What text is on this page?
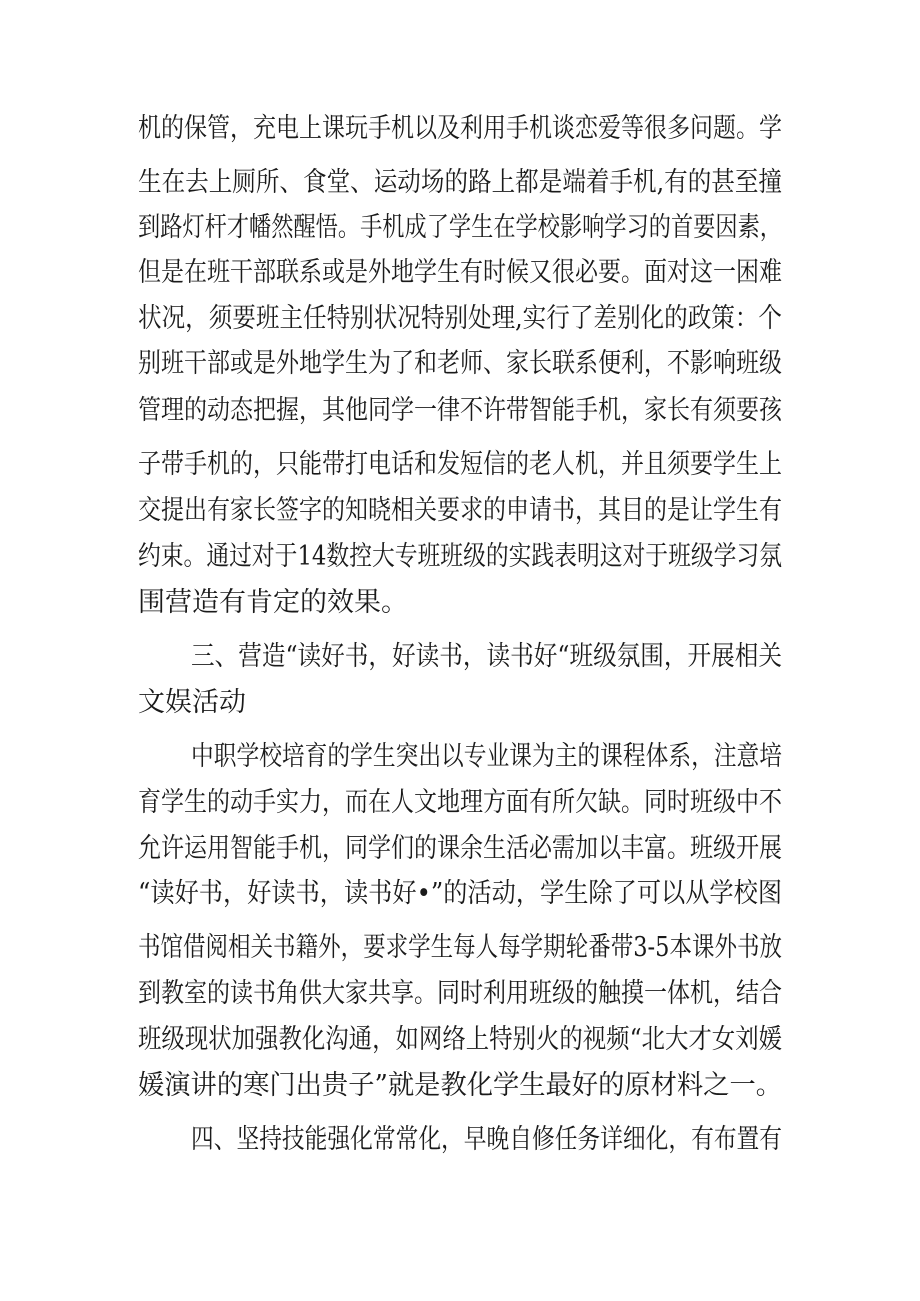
机的保管，充电上课玩手机以及利用手机谈恋爱等很多问题。学
生在去上厕所、食堂、运动场的路上都是端着手机,有的甚至撞
到路灯杆才幡然醒悟。手机成了学生在学校影响学习的首要因素，
但是在班干部联系或是外地学生有时候又很必要。面对这一困难
状况，须要班主任特别状况特别处理,实行了差别化的政策：个
别班干部或是外地学生为了和老师、家长联系便利，不影响班级
管理的动态把握，其他同学一律不许带智能手机，家长有须要孩
子带手机的，只能带打电话和发短信的老人机，并且须要学生上
交提出有家长签字的知晓相关要求的申请书，其目的是让学生有
约束。通过对于14数控大专班班级的实践表明这对于班级学习氛
围营造有肯定的效果。
三、营造“读好书，好读书，读书好“班级氛围，开展相关
文娱活动
中职学校培育的学生突出以专业课为主的课程体系，注意培
育学生的动手实力，而在人文地理方面有所欠缺。同时班级中不
允许运用智能手机，同学们的课余生活必需加以丰富。班级开展
“读好书，好读书，读书好•”的活动，学生除了可以从学校图
书馆借阅相关书籍外，要求学生每人每学期轮番带3-5本课外书放
到教室的读书角供大家共享。同时利用班级的触摸一体机，结合
班级现状加强教化沟通，如网络上特别火的视频“北大才女刘媛
媛演讲的寒门出贵子”就是教化学生最好的原材料之一。
四、坚持技能强化常常化，早晚自修任务详细化，有布置有
